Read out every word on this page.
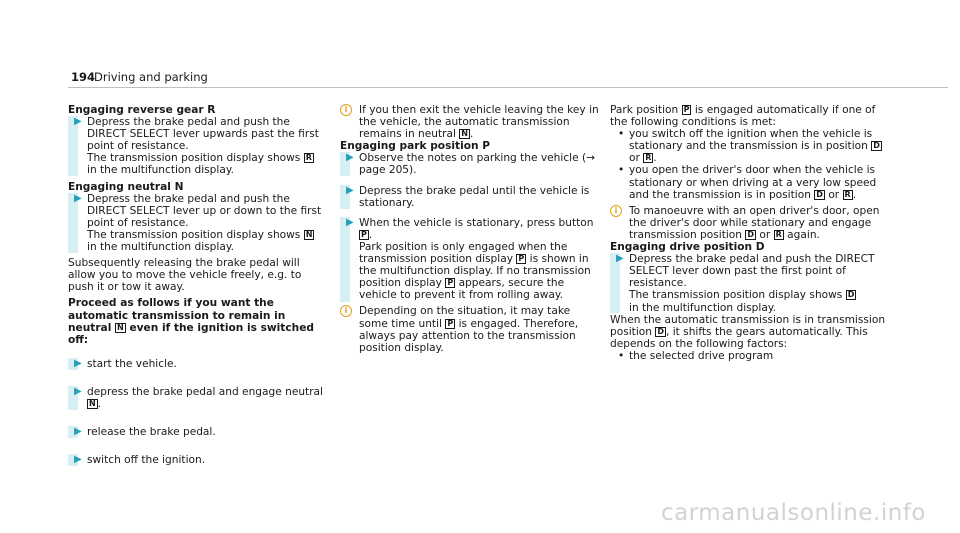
194
Driving and parking

Engaging reverse gear R

▶ Depress the brake pedal and push the DIRECT SELECT lever upwards past the first point of resistance.
The transmission position display shows R
in the multifunction display.

Engaging neutral N

▶ Depress the brake pedal and push the DIRECT SELECT lever up or down to the first point of resistance.
The transmission position display shows N
in the multifunction display.

Subsequently releasing the brake pedal will allow you to move the vehicle freely, e.g. to push it or tow it away.

Proceed as follows if you want the automatic transmission to remain in neutral N even if the ignition is switched off:

▶ start the vehicle.
▶ depress the brake pedal and engage neutral
N .
▶ release the brake pedal.
▶ switch off the ignition.
i	If you then exit the vehicle leaving the key in the vehicle, the automatic transmission remains in neutral N .

Engaging park position P

▶ Observe the notes on parking the vehicle (→ page 205).
▶ Depress the brake pedal until the vehicle is stationary.
▶ When the vehicle is stationary, press button
P .
Park position is only engaged when the transmission position display P is shown in the multifunction display. If no transmission position display P appears, secure the vehicle to prevent it from rolling away.
i	Depending on the situation, it may take some time until P is engaged. Therefore, always pay attention to the transmission position display.

Park position P is engaged automatically if one of the following conditions is met:

• you switch off the ignition when the vehicle is stationary and the transmission is in position D or R .
• you open the driver's door when the vehicle is stationary or when driving at a very low speed and the transmission is in position D or R .
i	To manoeuvre with an open driver's door, open the driver's door while stationary and engage transmission position D or R again.

Engaging drive position D

▶ Depress the brake pedal and push the DIRECT SELECT lever down past the first point of resistance.
The transmission position display shows D
in the multifunction display.

When the automatic transmission is in transmission position D , it shifts the gears automatically. This depends on the following factors:

• the selected drive program
carmanualsonline.info
